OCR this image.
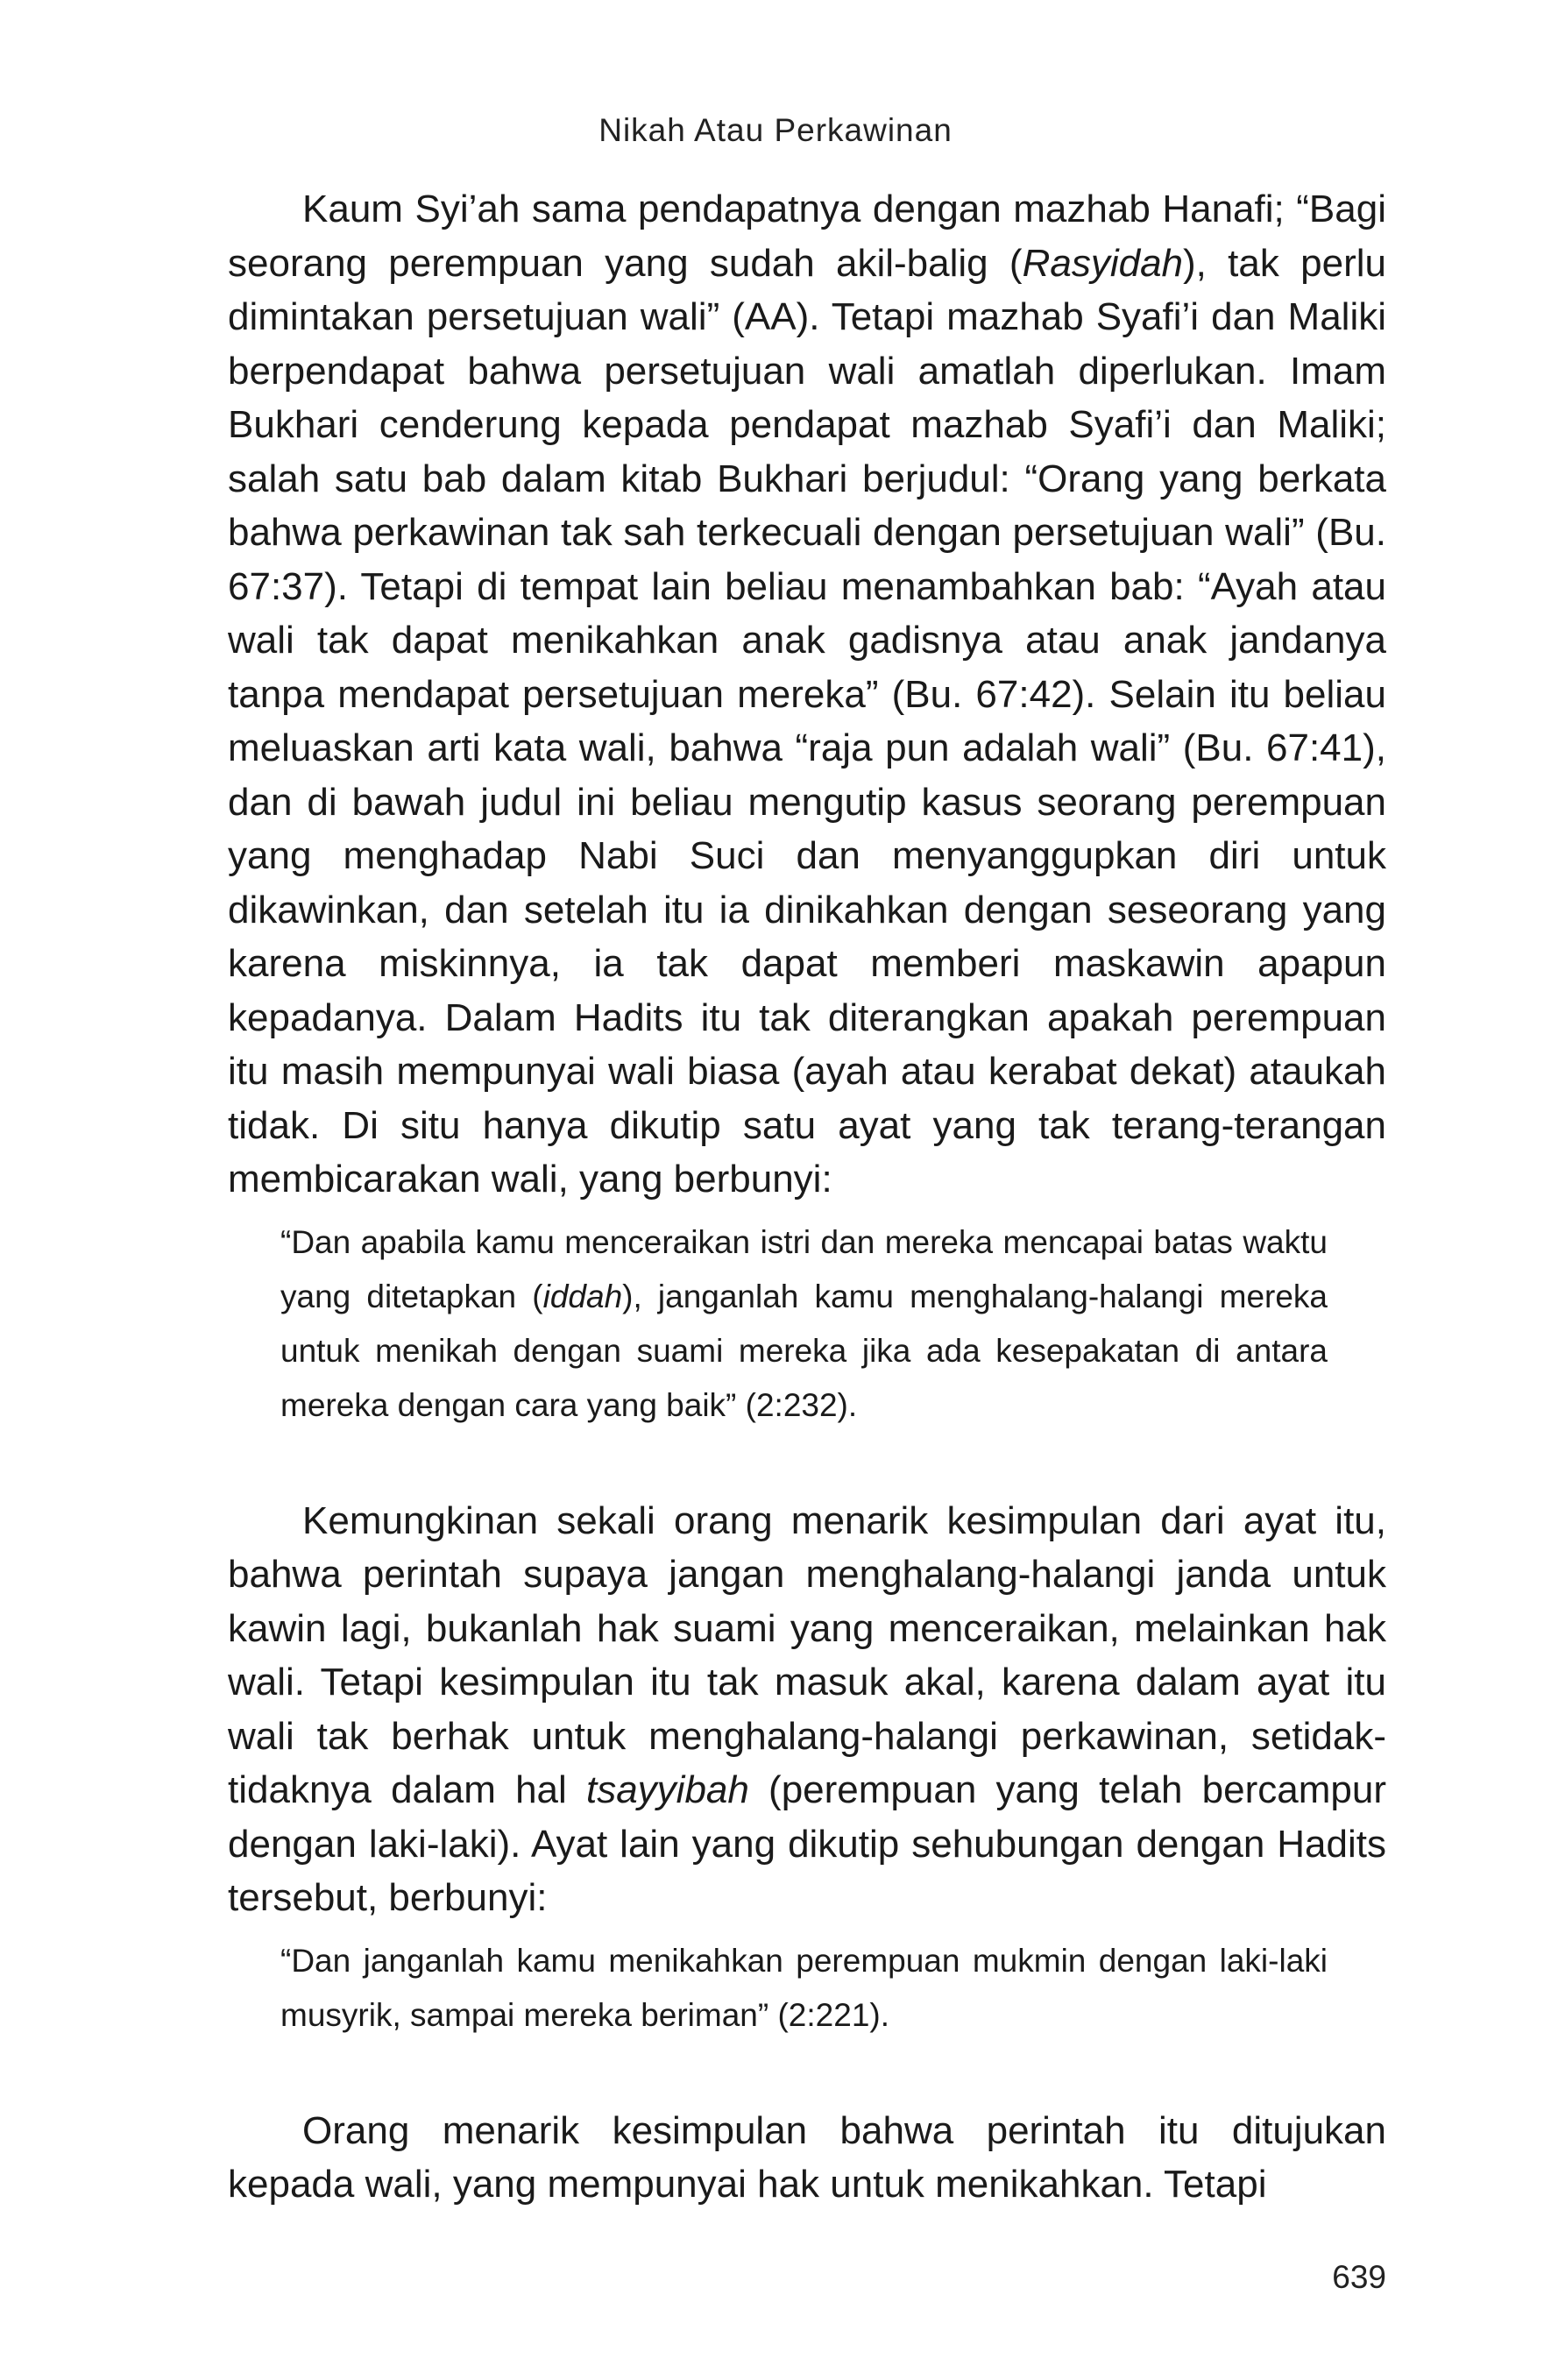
Nikah Atau Perkawinan

Kaum Syi’ah sama pendapatnya dengan mazhab Hanafi; “Bagi seorang perempuan yang sudah akil-balig (Rasyidah), tak perlu dimintakan persetujuan wali” (AA). Tetapi mazhab Syafi’i dan Maliki berpendapat bahwa persetujuan wali amatlah diperlukan. Imam Bukhari cenderung kepada pendapat mazhab Syafi’i dan Maliki; salah satu bab dalam kitab Bukhari berjudul: “Orang yang berkata bahwa perkawinan tak sah terkecuali dengan persetujuan wali” (Bu. 67:37). Tetapi di tempat lain beliau menambahkan bab: “Ayah atau wali tak dapat menikahkan anak gadisnya atau anak jandanya tanpa mendapat persetujuan mereka” (Bu. 67:42). Selain itu beliau meluaskan arti kata wali, bahwa “raja pun adalah wali” (Bu. 67:41), dan di bawah judul ini beliau mengutip kasus seorang perempuan yang menghadap Nabi Suci dan menyanggupkan diri untuk dikawinkan, dan setelah itu ia dinikahkan dengan seseorang yang karena miskinnya, ia tak dapat memberi maskawin apapun kepadanya. Dalam Hadits itu tak diterangkan apakah perempuan itu masih mempunyai wali biasa (ayah atau kerabat dekat) ataukah tidak. Di situ hanya dikutip satu ayat yang tak terang-terangan membicarakan wali, yang berbunyi:

“Dan apabila kamu menceraikan istri dan mereka mencapai batas waktu yang ditetapkan (iddah), janganlah kamu menghalang-halangi mereka untuk menikah dengan suami mereka jika ada kesepakatan di antara mereka dengan cara yang baik” (2:232).

Kemungkinan sekali orang menarik kesimpulan dari ayat itu, bahwa perintah supaya jangan menghalang-halangi janda untuk kawin lagi, bukanlah hak suami yang menceraikan, melainkan hak wali. Tetapi kesimpulan itu tak masuk akal, karena dalam ayat itu wali tak berhak untuk menghalang-halangi perkawinan, setidak-tidaknya dalam hal tsayyibah (perempuan yang telah bercampur dengan laki-laki). Ayat lain yang dikutip sehubungan dengan Hadits tersebut, berbunyi:

“Dan janganlah kamu menikahkan perempuan mukmin dengan laki-laki musyrik, sampai mereka beriman” (2:221).

Orang menarik kesimpulan bahwa perintah itu ditujukan kepada wali, yang mempunyai hak untuk menikahkan. Tetapi

639
